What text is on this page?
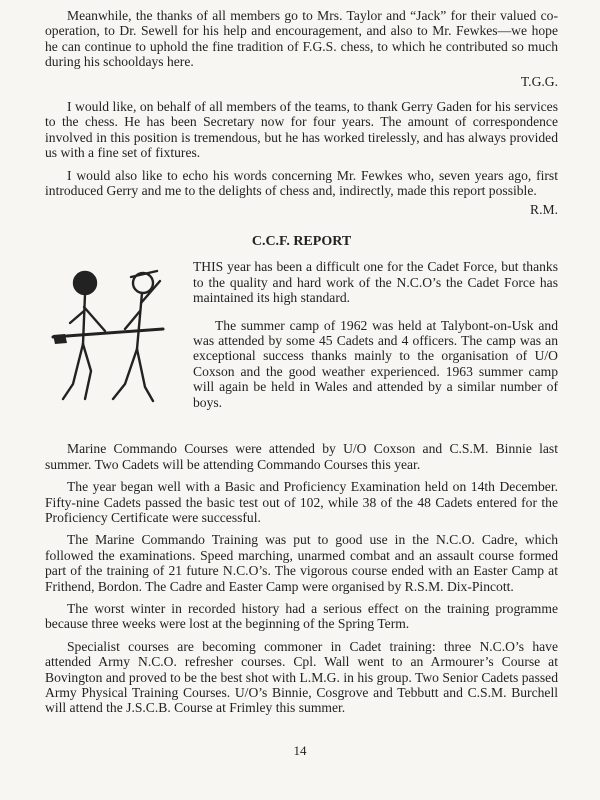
Meanwhile, the thanks of all members go to Mrs. Taylor and “Jack” for their valued co-operation, to Dr. Sewell for his help and encouragement, and also to Mr. Fewkes—we hope he can continue to uphold the fine tradition of F.G.S. chess, to which he contributed so much during his schooldays here.

T.G.G.

I would like, on behalf of all members of the teams, to thank Gerry Gaden for his services to the chess. He has been Secretary now for four years. The amount of correspondence involved in this position is tremendous, but he has worked tirelessly, and has always provided us with a fine set of fixtures.

I would also like to echo his words concerning Mr. Fewkes who, seven years ago, first introduced Gerry and me to the delights of chess and, indirectly, made this report possible.

R.M.

C.C.F. REPORT

THIS year has been a difficult one for the Cadet Force, but thanks to the quality and hard work of the N.C.O’s the Cadet Force has maintained its high standard.

The summer camp of 1962 was held at Talybont-on-Usk and was attended by some 45 Cadets and 4 officers. The camp was an exceptional success thanks mainly to the organisation of U/O Coxson and the good weather experienced. 1963 summer camp will again be held in Wales and attended by a similar number of boys.

Marine Commando Courses were attended by U/O Coxson and C.S.M. Binnie last summer. Two Cadets will be attending Commando Courses this year.

The year began well with a Basic and Proficiency Examination held on 14th December. Fifty-nine Cadets passed the basic test out of 102, while 38 of the 48 Cadets entered for the Proficiency Certificate were successful.

The Marine Commando Training was put to good use in the N.C.O. Cadre, which followed the examinations. Speed marching, unarmed combat and an assault course formed part of the training of 21 future N.C.O’s. The vigorous course ended with an Easter Camp at Frithend, Bordon. The Cadre and Easter Camp were organised by R.S.M. Dix-Pincott.

The worst winter in recorded history had a serious effect on the training programme because three weeks were lost at the beginning of the Spring Term.

Specialist courses are becoming commoner in Cadet training: three N.C.O’s have attended Army N.C.O. refresher courses. Cpl. Wall went to an Armourer’s Course at Bovington and proved to be the best shot with L.M.G. in his group. Two Senior Cadets passed Army Physical Training Courses. U/O’s Binnie, Cosgrove and Tebbutt and C.S.M. Burchell will attend the J.S.C.B. Course at Frimley this summer.

14
